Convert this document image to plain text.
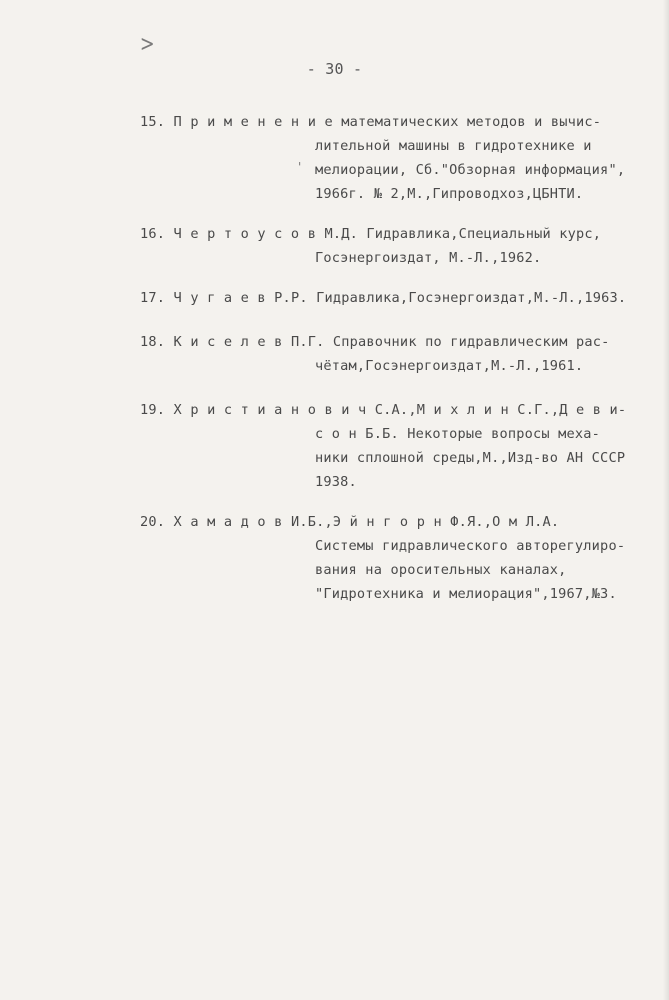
>
- 30 -
15. П р и м е н е н и е математических методов и вычис-
лительной машины в гидротехнике и
мелиорации, Сб."Обзорная информация",
1966г. № 2,М.,Гипроводхоз,ЦБНТИ.
'
16. Ч е р т о у с о в М.Д. Гидравлика,Специальный курс,
Госэнергоиздат, М.-Л.,1962.
17. Ч у г а е в Р.Р. Гидравлика,Госэнергоиздат,М.-Л.,1963.
18. К и с е л е в П.Г. Справочник по гидравлическим рас-
чётам,Госэнергоиздат,М.-Л.,1961.
19. Х р и с т и а н о в и ч С.А.,М и х л и н С.Г.,Д е в и-
с о н Б.Б. Некоторые вопросы меха-
ники сплошной среды,М.,Изд-во АН СССР
1938.
20. Х а м а д о в И.Б.,Э й н г о р н Ф.Я.,О м Л.А.
Системы гидравлического авторегулиро-
вания на оросительных каналах,
"Гидротехника и мелиорация",1967,№3.
